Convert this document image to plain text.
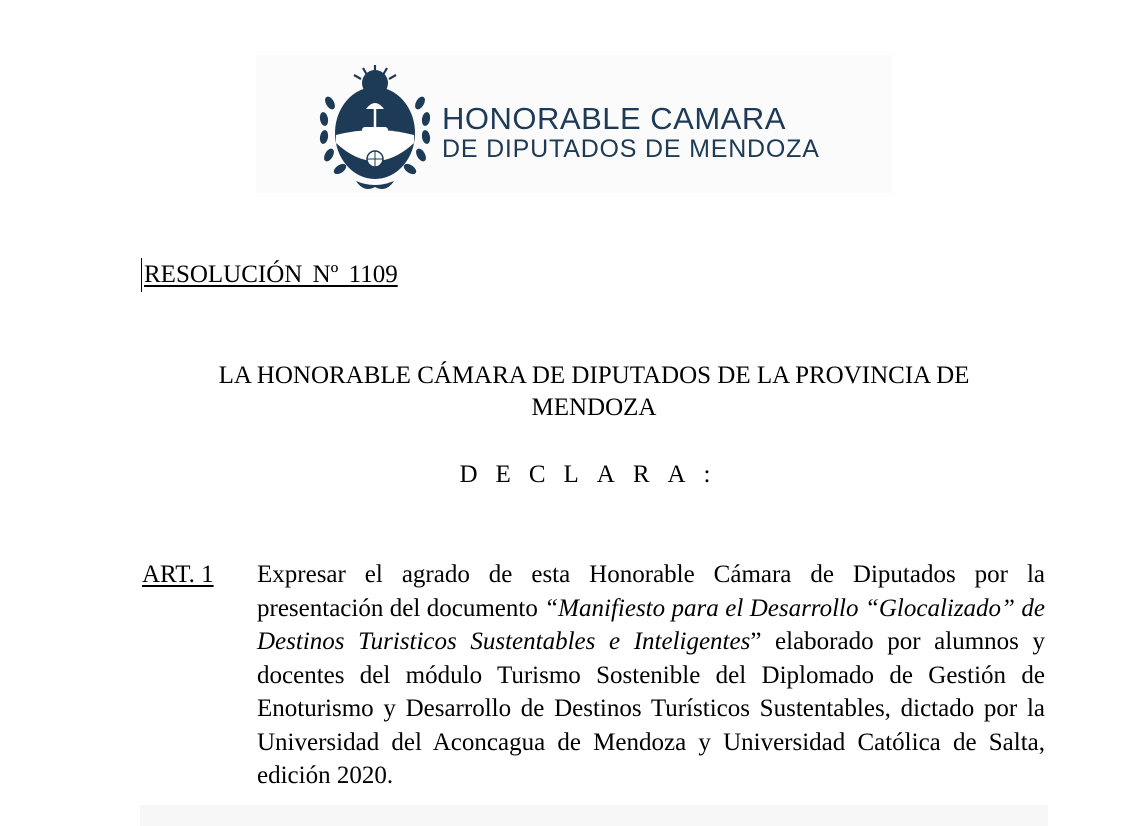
HONORABLE CAMARA
DE DIPUTADOS DE MENDOZA
RESOLUCIÓN Nº 1109
LA HONORABLE CÁMARA DE DIPUTADOS DE LA PROVINCIA DE
MENDOZA
DECLARA:
ART. 1 Expresar el agrado de esta Honorable Cámara de Diputados por la presentación del documento “Manifiesto para el Desarrollo “Glocalizado” de Destinos Turisticos Sustentables e Inteligentes” elaborado por alumnos y docentes del módulo Turismo Sostenible del Diplomado de Gestión de Enoturismo y Desarrollo de Destinos Turísticos Sustentables, dictado por la Universidad del Aconcagua de Mendoza y Universidad Católica de Salta, edición 2020.
